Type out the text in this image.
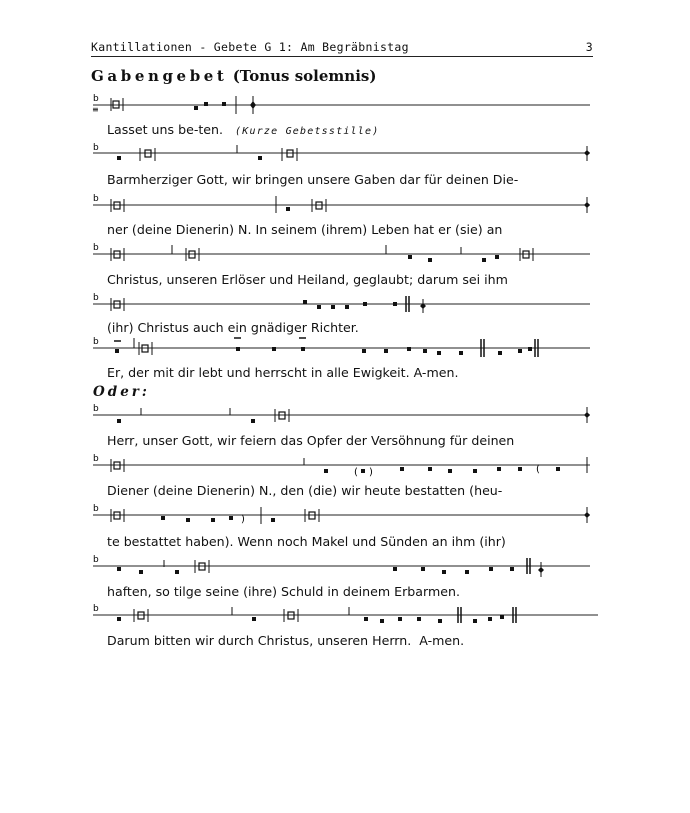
Kantillationen - Gebete G 1: Am Begräbnistag	3
Gabengebet (Tonus solemnis)
b
≡
Lasset uns be-ten. (Kurze Gebetsstille)
b
Barmherziger Gott, wir bringen unsere Gaben dar für deinen Die-
b
ner (deine Dienerin) N. In seinem (ihrem) Leben hat er (sie) an
b
Christus, unseren Erlöser und Heiland, geglaubt; darum sei ihm
b
(ihr) Christus auch ein gnädiger Richter.
b
Er, der mit dir lebt und herrscht in alle Ewigkeit. A-men.
Oder:
b
Herr, unser Gott, wir feiern das Opfer der Versöhnung für deinen
b
( )	(
Diener (deine Dienerin) N., den (die) wir heute bestatten (heu-
b
)
te bestattet haben). Wenn noch Makel und Sünden an ihm (ihr)
b
haften, so tilge seine (ihre) Schuld in deinem Erbarmen.
b
Darum bitten wir durch Christus, unseren Herrn.  A-men.
